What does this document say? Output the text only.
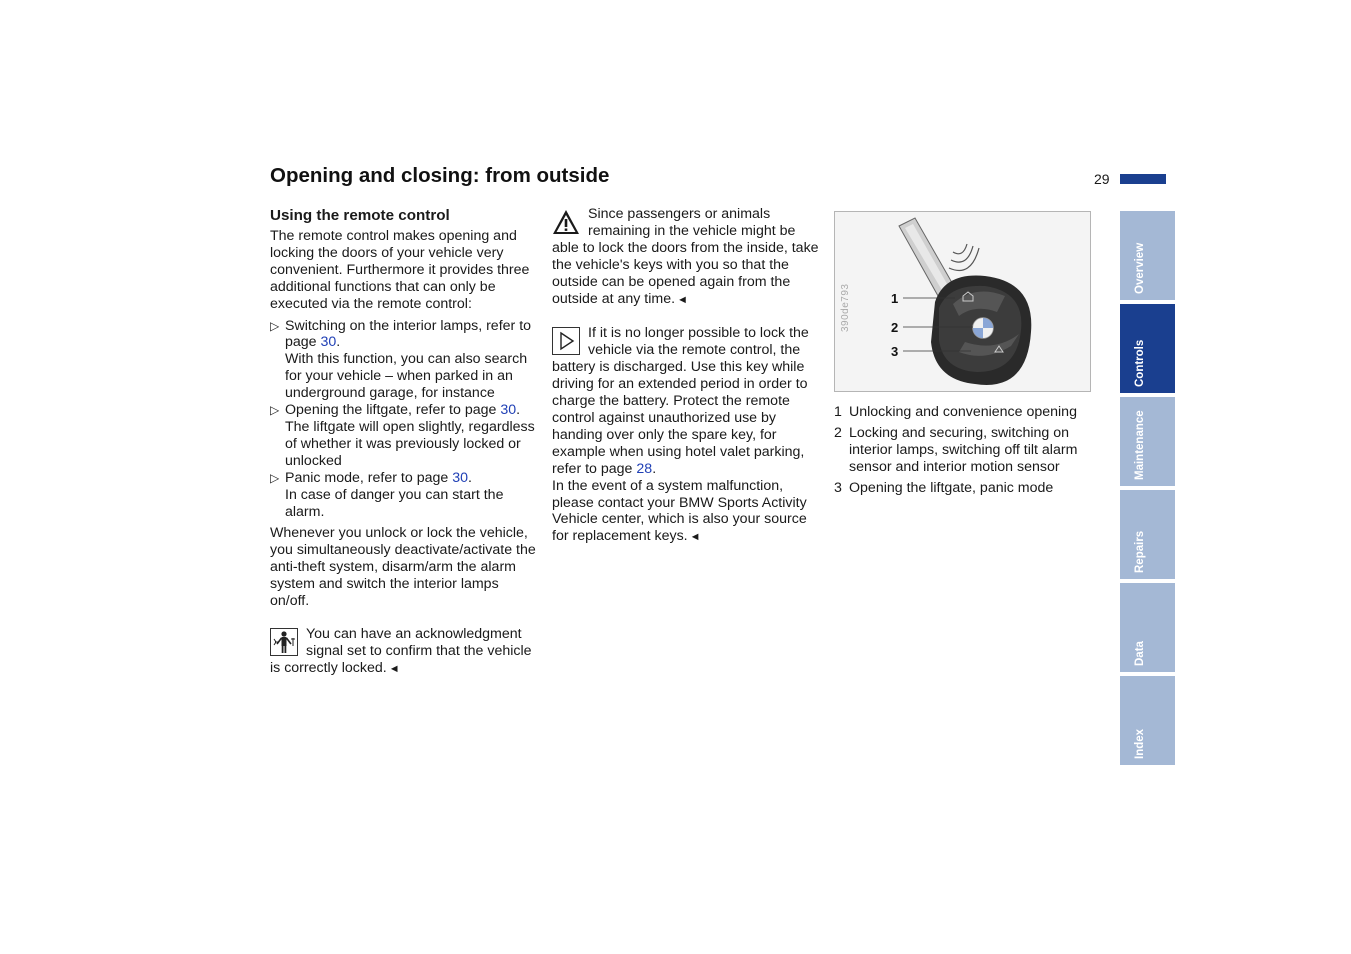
Opening and closing: from outside	29
Using the remote control

The remote control makes opening and locking the doors of your vehicle very convenient. Furthermore it provides three additional functions that can only be executed via the remote control:

▷ Switching on the interior lamps, refer to page 30.
With this function, you can also search for your vehicle – when parked in an underground garage, for instance
▷ Opening the liftgate, refer to page 30.
The liftgate will open slightly, regardless of whether it was previously locked or unlocked
▷ Panic mode, refer to page 30.
In case of danger you can start the alarm.

Whenever you unlock or lock the vehicle, you simultaneously deactivate/activate the anti-theft system, disarm/arm the alarm system and switch the interior lamps on/off.

You can have an acknowledgment signal set to confirm that the vehicle is correctly locked. ◄
Since passengers or animals remaining in the vehicle might be able to lock the doors from the inside, take the vehicle's keys with you so that the outside can be opened again from the outside at any time. ◄
If it is no longer possible to lock the vehicle via the remote control, the battery is discharged. Use this key while driving for an extended period in order to charge the battery. Protect the remote control against unauthorized use by handing over only the spare key, for example when using hotel valet parking, refer to page 28.
In the event of a system malfunction, please contact your BMW Sports Activity Vehicle center, which is also your source for replacement keys. ◄
390de793	1
2
3
1 Unlocking and convenience opening
2 Locking and securing, switching on interior lamps, switching off tilt alarm sensor and interior motion sensor
3 Opening the liftgate, panic mode
Overview
Controls
Maintenance
Repairs
Data
Index
